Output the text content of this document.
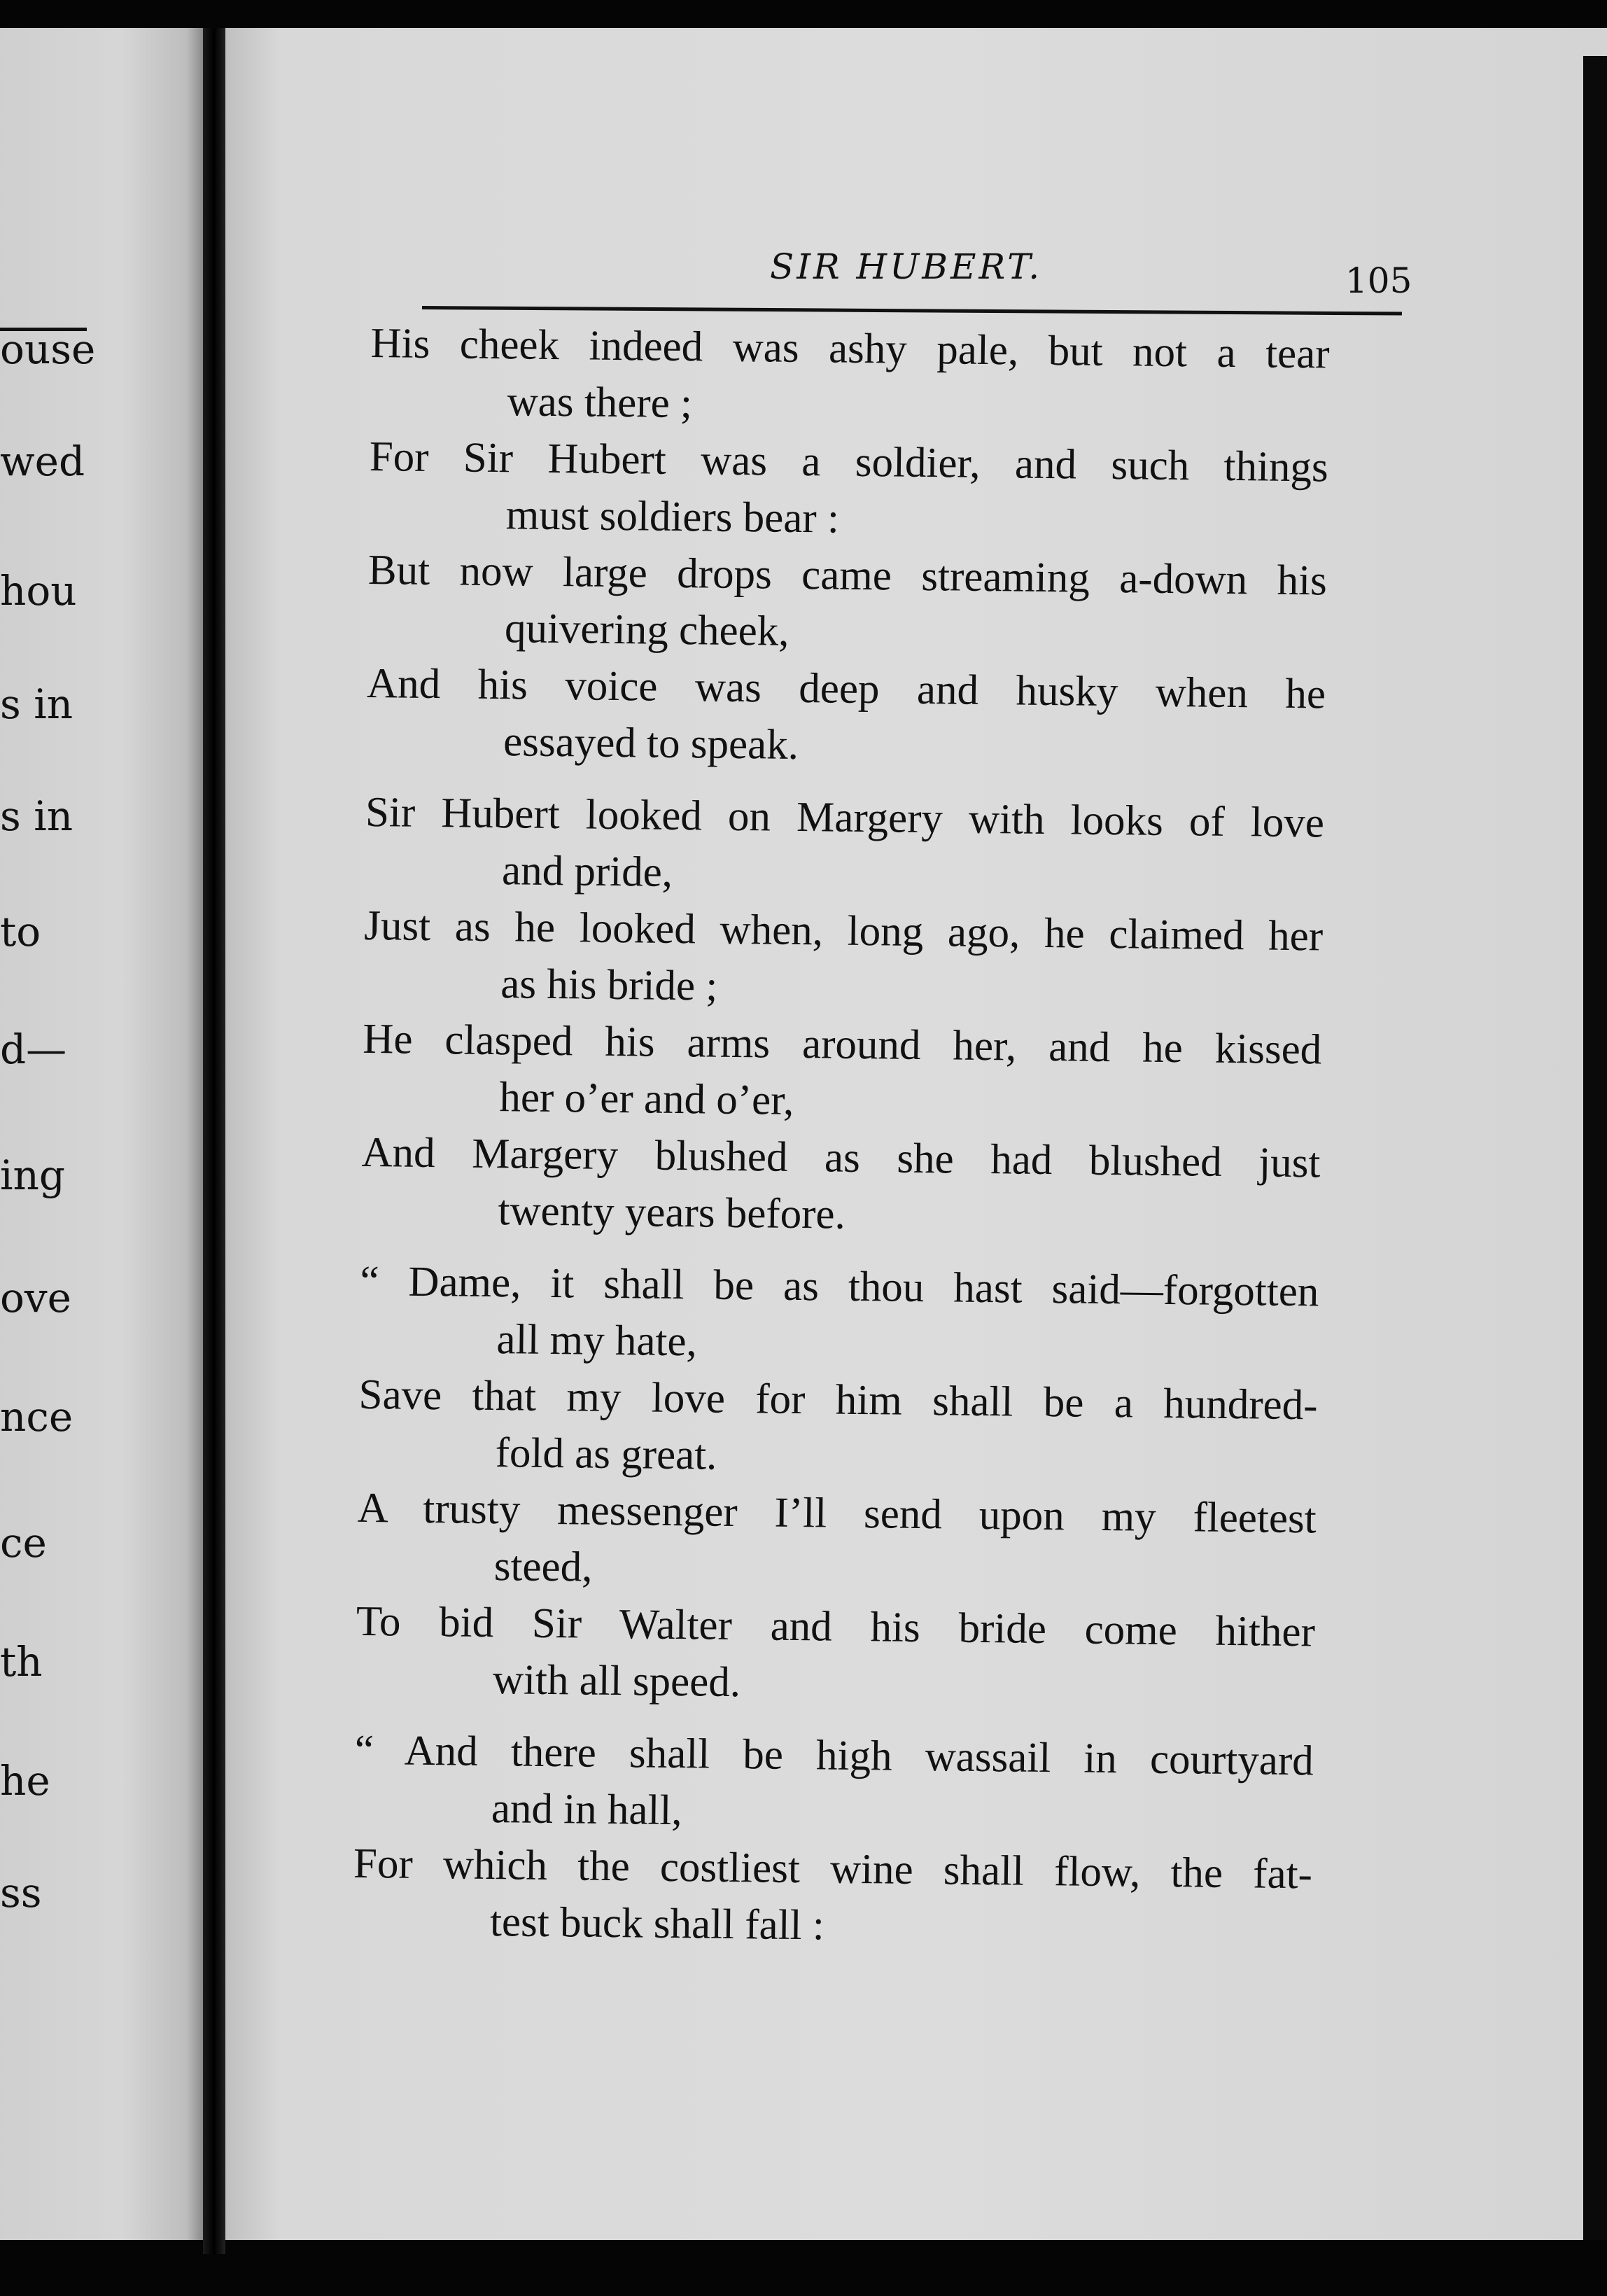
ouse
wed
hou
s in
s in
to
d—
ing
ove
nce
ce
th
he
ss
SIR HUBERT.	105
His cheek indeed was ashy pale, but not a tear
was there ;
For Sir Hubert was a soldier, and such things
must soldiers bear :
But now large drops came streaming a-down his
quivering cheek,
And his voice was deep and husky when he
essayed to speak.
Sir Hubert looked on Margery with looks of love
and pride,
Just as he looked when, long ago, he claimed her
as his bride ;
He clasped his arms around her, and he kissed
her o’er and o’er,
And Margery blushed as she had blushed just
twenty years before.
“ Dame, it shall be as thou hast said—forgotten
all my hate,
Save that my love for him shall be a hundred-
fold as great.
A trusty messenger I’ll send upon my fleetest
steed,
To bid Sir Walter and his bride come hither
with all speed.
“ And there shall be high wassail in courtyard
and in hall,
For which the costliest wine shall flow, the fat-
test buck shall fall :
